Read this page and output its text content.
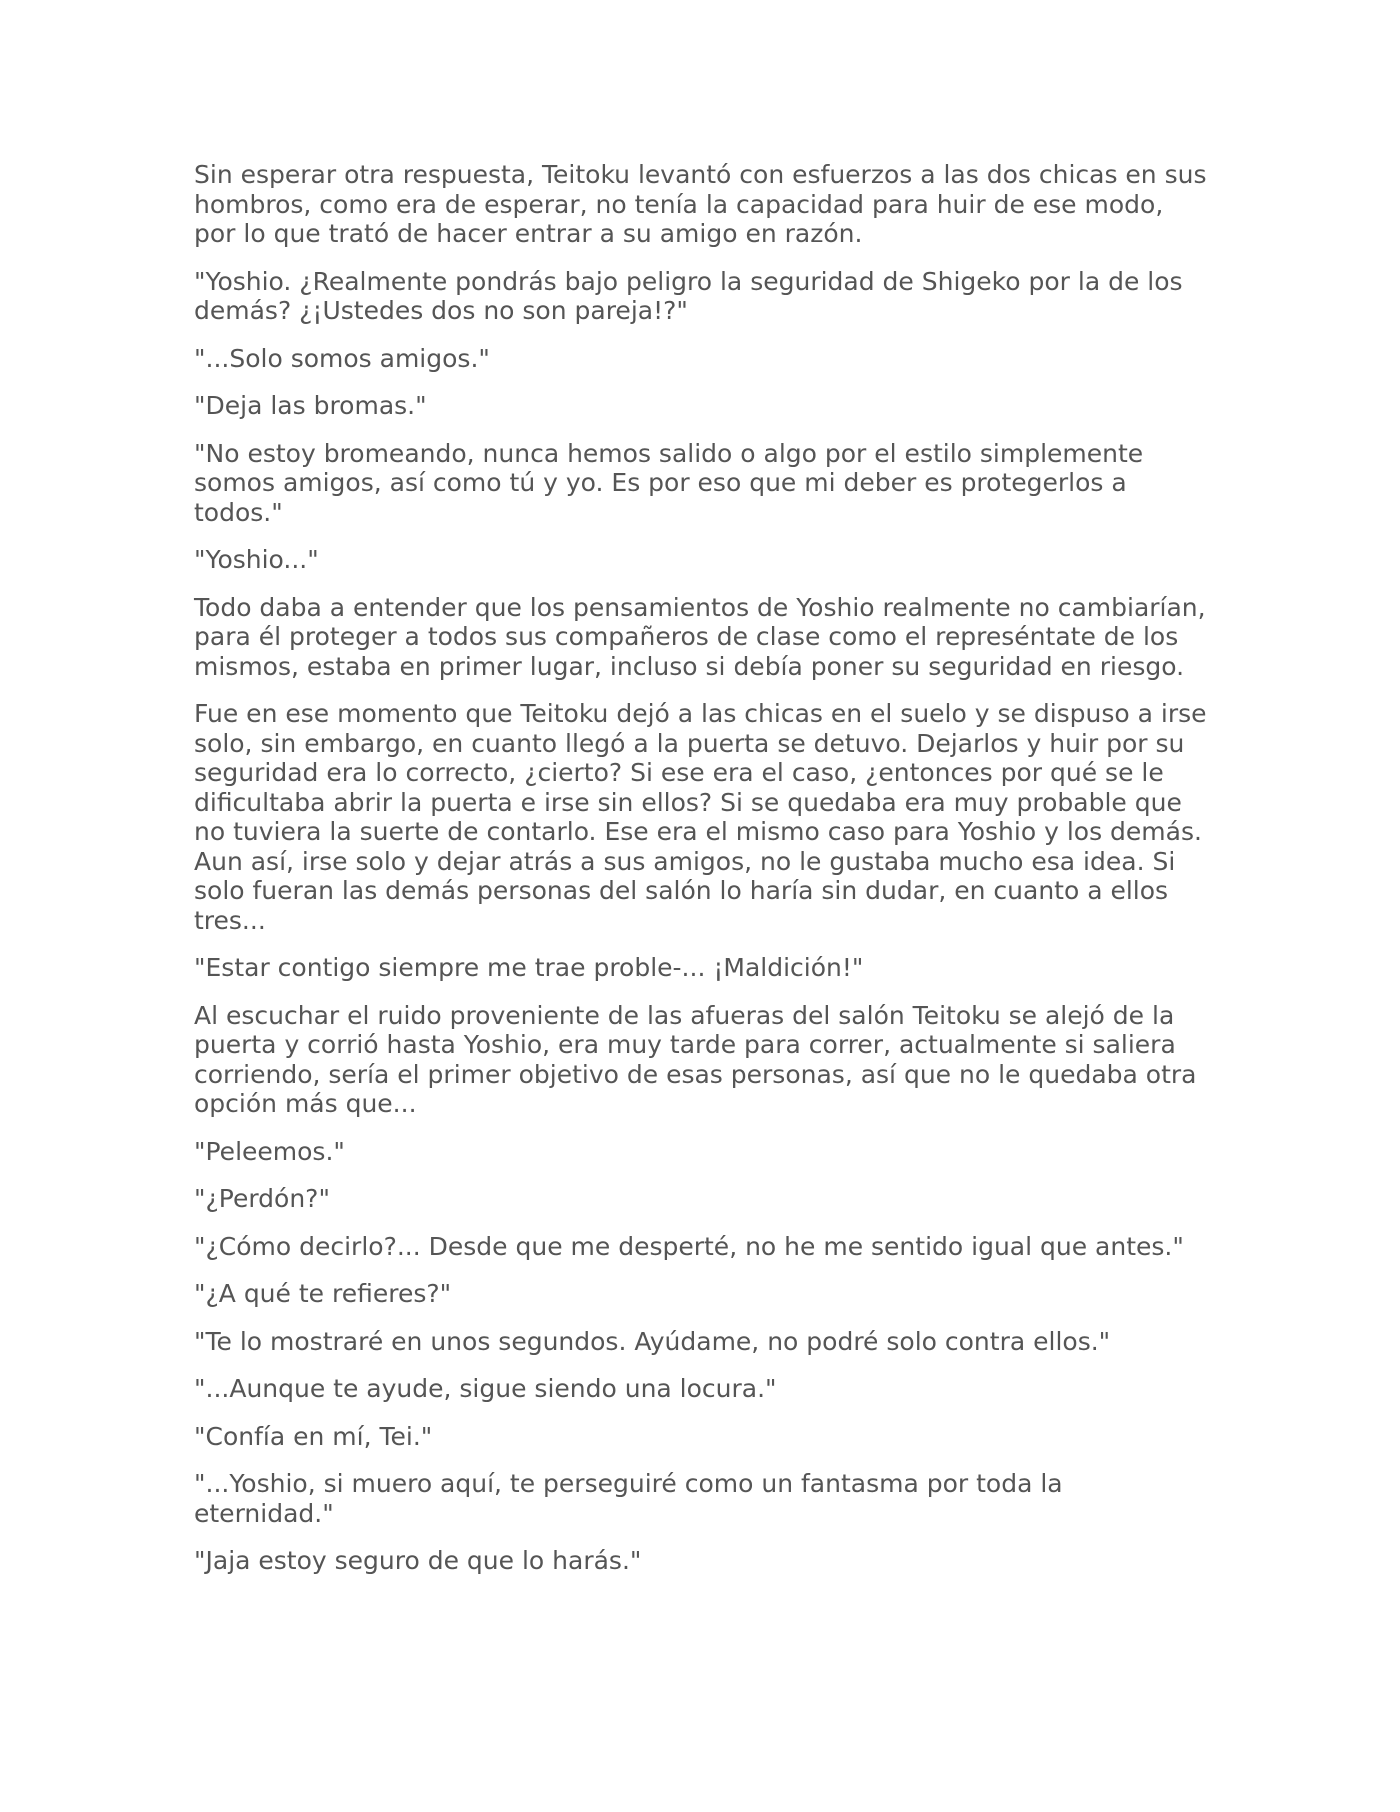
Sin esperar otra respuesta, Teitoku levantó con esfuerzos a las dos chicas en sus hombros, como era de esperar, no tenía la capacidad para huir de ese modo, por lo que trató de hacer entrar a su amigo en razón.

"Yoshio. ¿Realmente pondrás bajo peligro la seguridad de Shigeko por la de los demás? ¿¡Ustedes dos no son pareja!?"

"...Solo somos amigos."

"Deja las bromas."

"No estoy bromeando, nunca hemos salido o algo por el estilo simplemente somos amigos, así como tú y yo. Es por eso que mi deber es protegerlos a todos."

"Yoshio..."

Todo daba a entender que los pensamientos de Yoshio realmente no cambiarían, para él proteger a todos sus compañeros de clase como el represéntate de los mismos, estaba en primer lugar, incluso si debía poner su seguridad en riesgo.

Fue en ese momento que Teitoku dejó a las chicas en el suelo y se dispuso a irse solo, sin embargo, en cuanto llegó a la puerta se detuvo. Dejarlos y huir por su seguridad era lo correcto, ¿cierto? Si ese era el caso, ¿entonces por qué se le dificultaba abrir la puerta e irse sin ellos? Si se quedaba era muy probable que no tuviera la suerte de contarlo. Ese era el mismo caso para Yoshio y los demás. Aun así, irse solo y dejar atrás a sus amigos, no le gustaba mucho esa idea. Si solo fueran las demás personas del salón lo haría sin dudar, en cuanto a ellos tres...

"Estar contigo siempre me trae proble-... ¡Maldición!"

Al escuchar el ruido proveniente de las afueras del salón Teitoku se alejó de la puerta y corrió hasta Yoshio, era muy tarde para correr, actualmente si saliera corriendo, sería el primer objetivo de esas personas, así que no le quedaba otra opción más que...

"Peleemos."

"¿Perdón?"

"¿Cómo decirlo?... Desde que me desperté, no he me sentido igual que antes."

"¿A qué te refieres?"

"Te lo mostraré en unos segundos. Ayúdame, no podré solo contra ellos."

"...Aunque te ayude, sigue siendo una locura."

"Confía en mí, Tei."

"...Yoshio, si muero aquí, te perseguiré como un fantasma por toda la eternidad."

"Jaja estoy seguro de que lo harás."
